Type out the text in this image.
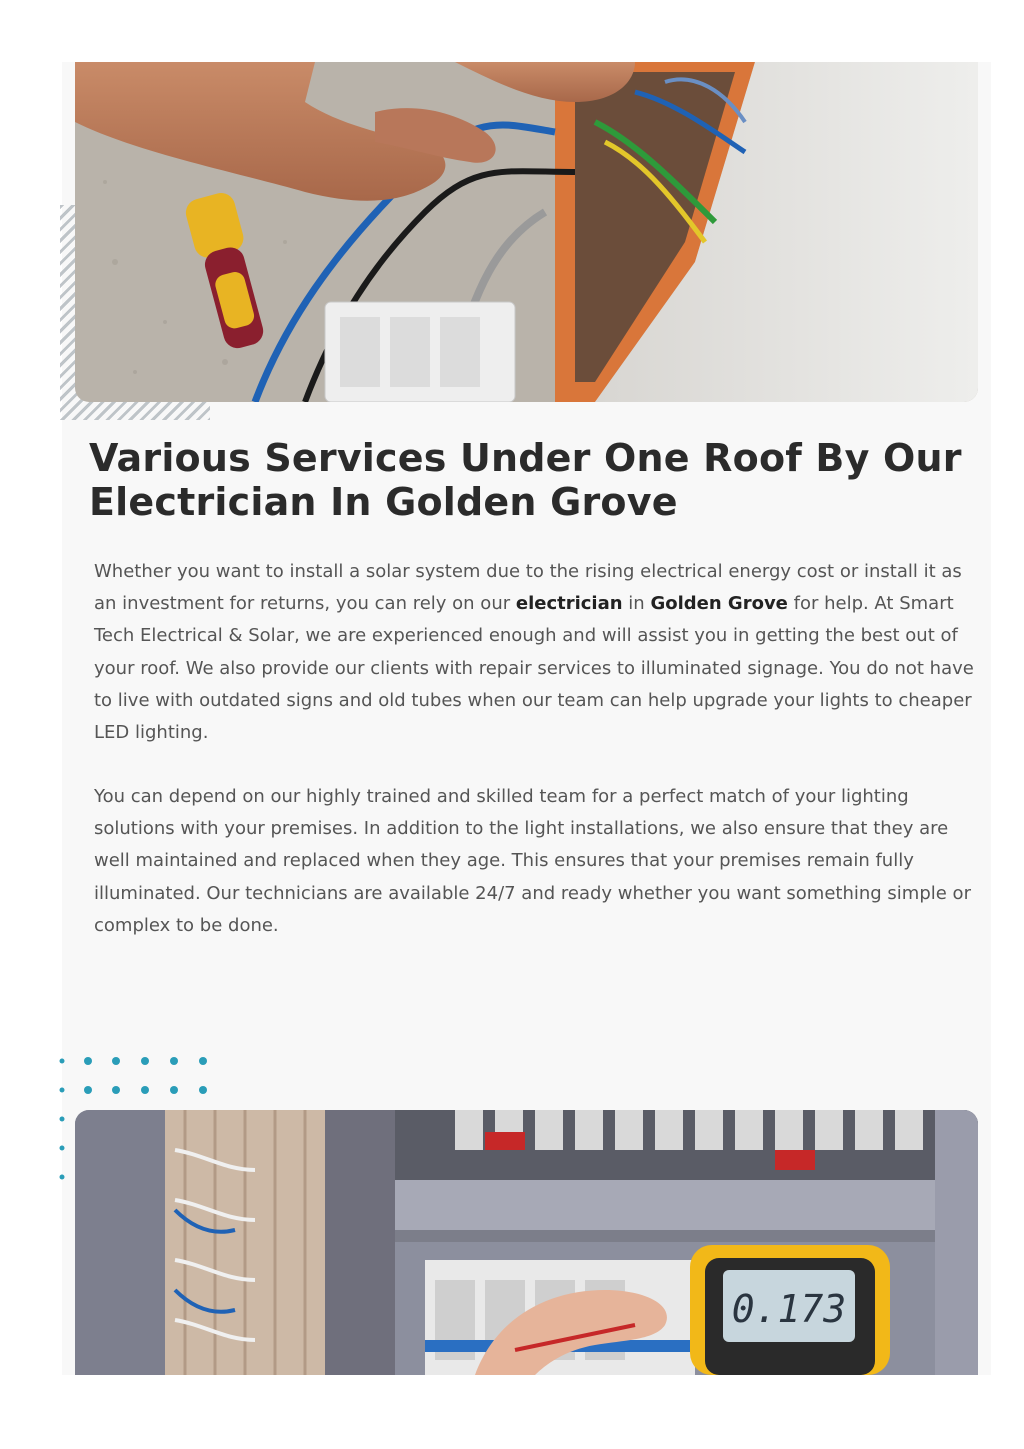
Various Services Under One Roof By Our Electrician In Golden Grove

Whether you want to install a solar system due to the rising electrical energy cost or install it as an investment for returns, you can rely on our electrician in Golden Grove for help. At Smart Tech Electrical & Solar, we are experienced enough and will assist you in getting the best out of your roof. We also provide our clients with repair services to illuminated signage. You do not have to live with outdated signs and old tubes when our team can help upgrade your lights to cheaper LED lighting.

You can depend on our highly trained and skilled team for a perfect match of your lighting solutions with your premises. In addition to the light installations, we also ensure that they are well maintained and replaced when they age. This ensures that your premises remain fully illuminated. Our technicians are available 24/7 and ready whether you want something simple or complex to be done.

0.173
